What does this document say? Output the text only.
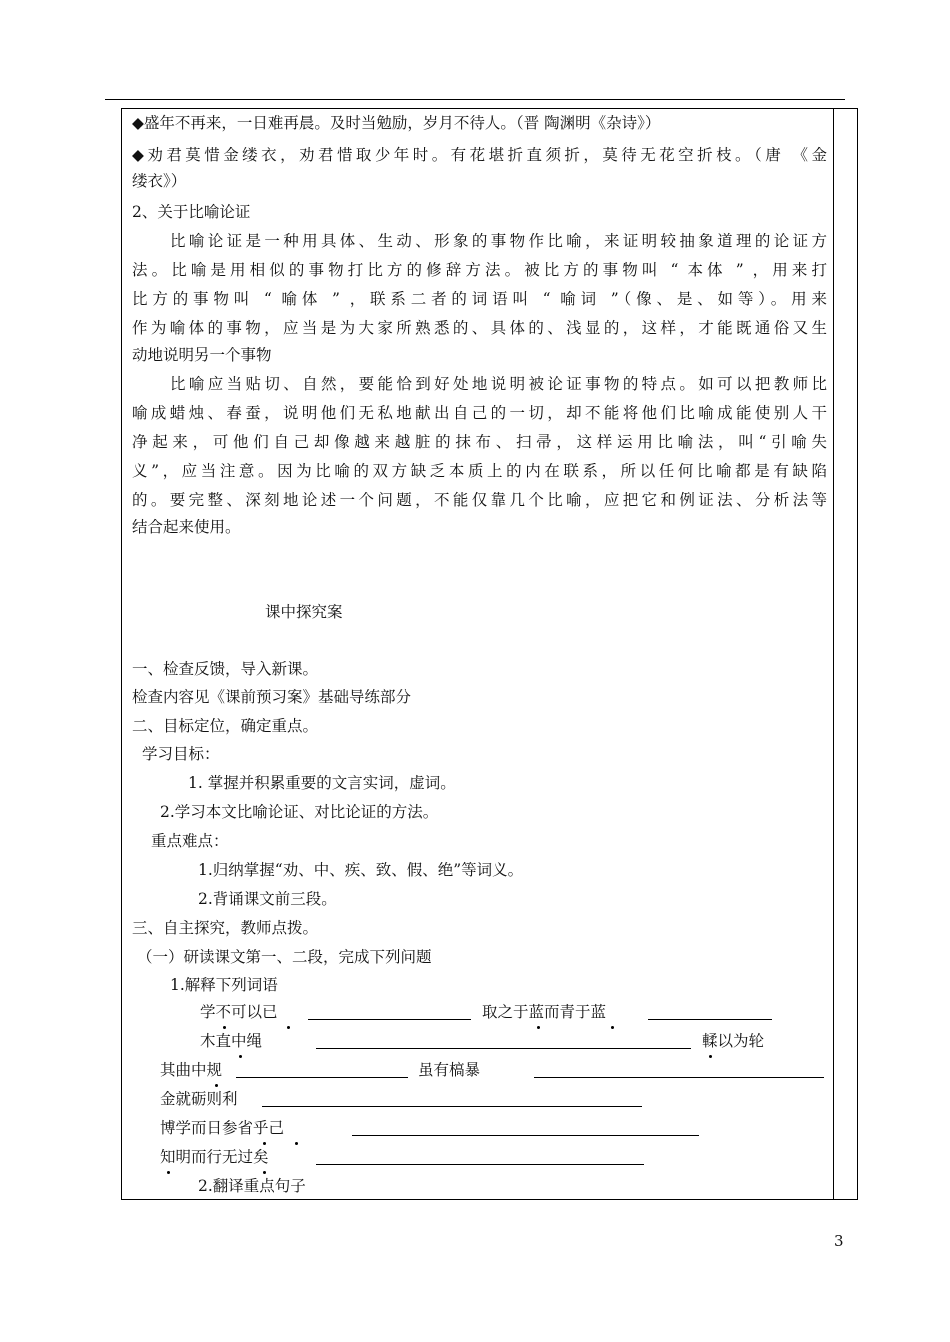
◆盛年不再来，一日难再晨。及时当勉励，岁月不待人。（晋 陶渊明《杂诗》）
◆劝君莫惜金缕衣，劝君惜取少年时。有花堪折直须折，莫待无花空折枝。（唐 《金
缕衣》）
2、关于比喻论证
比喻论证是一种用具体、生动、形象的事物作比喻，来证明较抽象道理的论证方
法。比喻是用相似的事物打比方的修辞方法。被比方的事物叫 “ 本体 ” ，用来打
比方的事物叫 “ 喻体 ” ，联系二者的词语叫 “ 喻词 ”（像、是、如等）。用来
作为喻体的事物，应当是为大家所熟悉的、具体的、浅显的，这样，才能既通俗又生
动地说明另一个事物
比喻应当贴切、自然，要能恰到好处地说明被论证事物的特点。如可以把教师比
喻成蜡烛、春蚕，说明他们无私地献出自己的一切，却不能将他们比喻成能使别人干
净起来，可他们自己却像越来越脏的抹布、扫帚，这样运用比喻法，叫“引喻失
义”，应当注意。因为比喻的双方缺乏本质上的内在联系，所以任何比喻都是有缺陷
的。要完整、深刻地论述一个问题，不能仅靠几个比喻，应把它和例证法、分析法等
结合起来使用。
课中探究案
一、检查反馈，导入新课。
检查内容见《课前预习案》基础导练部分
二、目标定位，确定重点。
学习目标：
1. 掌握并积累重要的文言实词，虚词。
2.学习本文比喻论证、对比论证的方法。
重点难点：
1.归纳掌握“劝、中、疾、致、假、绝”等词义。
2.背诵课文前三段。
三、自主探究，教师点拨。
（一）研读课文第一、二段，完成下列问题
1.解释下列词语
学不可以已	取之于蓝而青于蓝
木直中绳	輮以为轮
其曲中规	虽有槁暴
金就砺则利
博学而日参省乎己
知明而行无过矣
2.翻译重点句子
3
